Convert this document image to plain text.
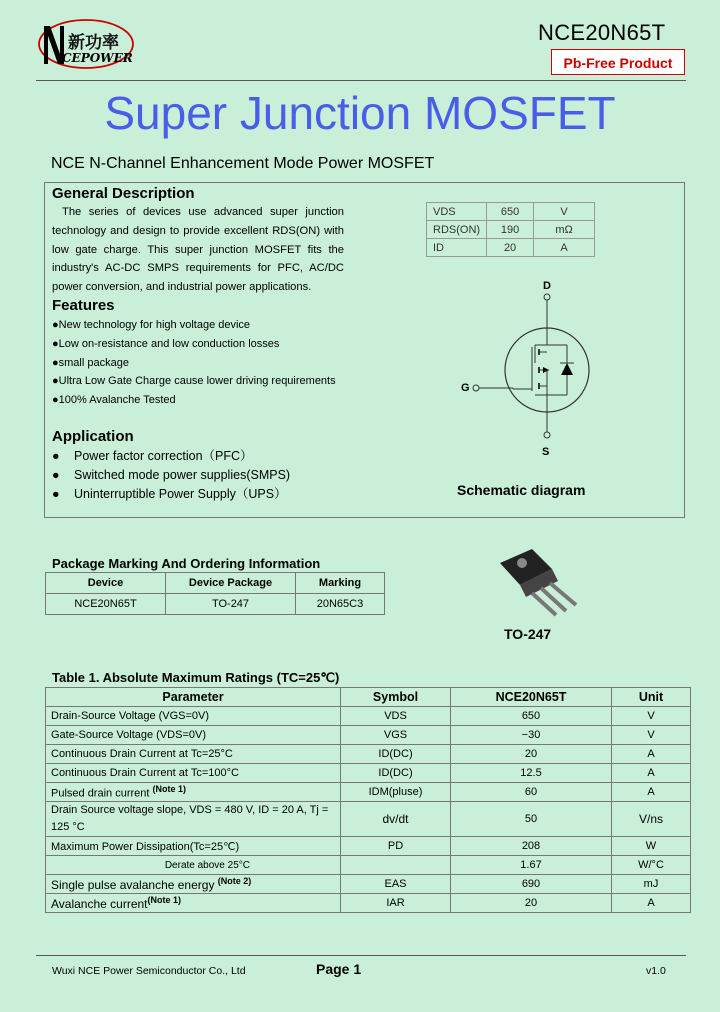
新功率
CEPOWER
NCE20N65T
Pb-Free Product
Super Junction MOSFET
NCE N-Channel Enhancement Mode Power MOSFET
General Description
The series of devices use advanced super junction technology and design to provide excellent RDS(ON) with low gate charge. This super junction MOSFET fits the industry's AC-DC SMPS requirements for PFC, AC/DC power conversion, and industrial power applications.
VDS	650	V
RDS(ON)	190	mΩ
ID	20	A
Features
●New technology for high voltage device
●Low on-resistance and low conduction losses
●small package
●Ultra Low Gate Charge cause lower driving requirements
●100% Avalanche Tested
Application
● Power factor correction（PFC）
● Switched mode power supplies(SMPS)
● Uninterruptible Power Supply（UPS）
D
G
S
Schematic diagram
Package Marking And Ordering Information
Device	Device Package	Marking
NCE20N65T	TO-247	20N65C3
TO-247
Table 1. Absolute Maximum Ratings (TC=25℃)
Parameter	Symbol	NCE20N65T	Unit
Drain-Source Voltage (VGS=0V)	VDS	650	V
Gate-Source Voltage (VDS=0V)	VGS	−30	V
Continuous Drain Current at Tc=25°C	ID(DC)	20	A
Continuous Drain Current at Tc=100°C	ID(DC)	12.5	A
Pulsed drain current $^{(Note 1)}$	IDM(pluse)	60	A
Drain Source voltage slope, VDS = 480 V, ID = 20 A, Tj = 125 °C	dv/dt	50	V/ns
Maximum Power Dissipation(Tc=25℃)	PD	208	W
Derate above 25°C		1.67	W/°C
Single pulse avalanche energy $^{(Note 2)}$	EAS	690	mJ
Avalanche current$^{(Note 1)}$	IAR	20	A
Wuxi NCE Power Semiconductor Co., Ltd	Page 1	v1.0
